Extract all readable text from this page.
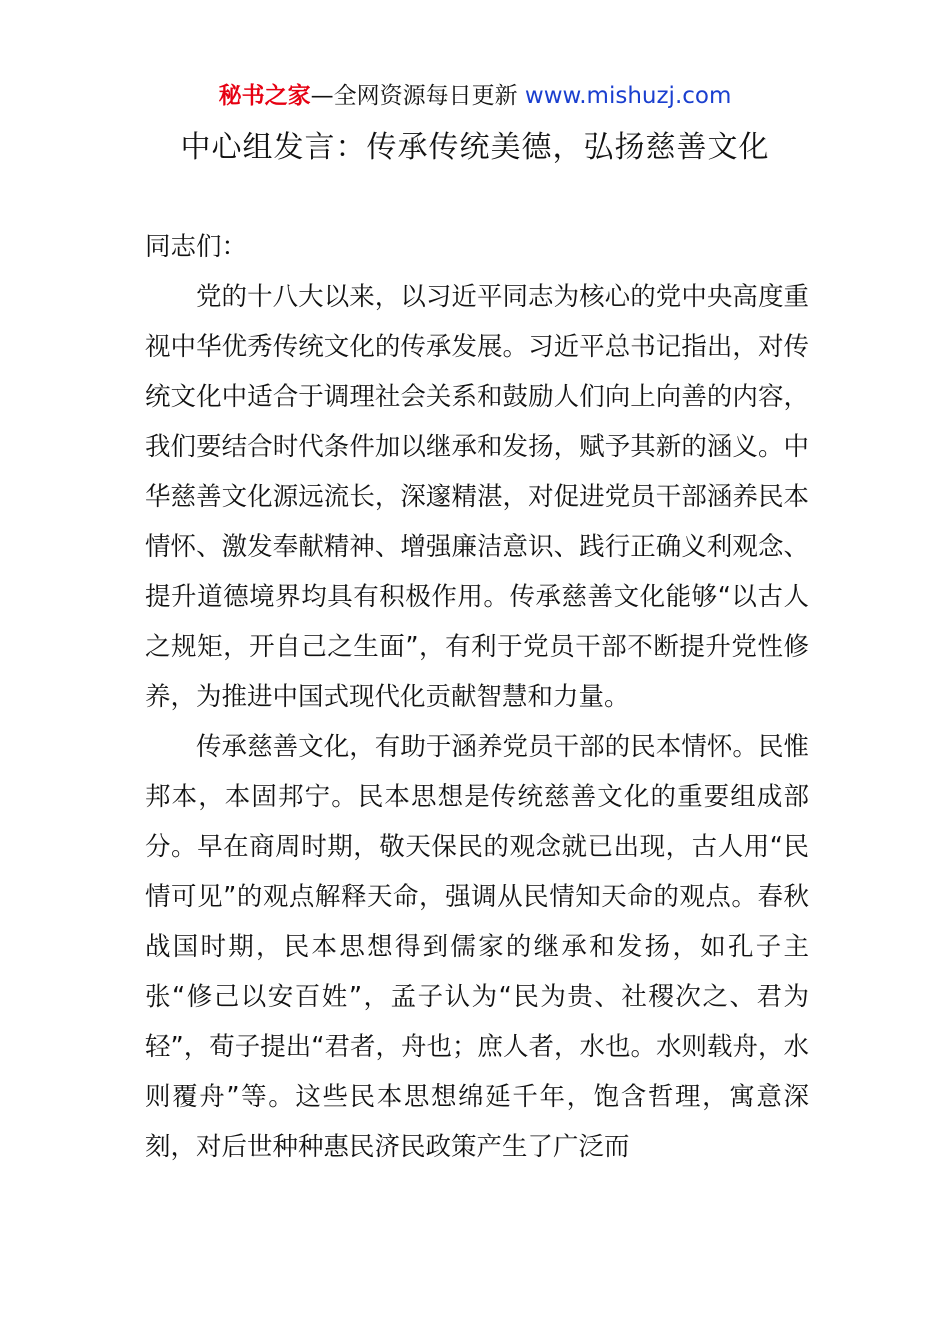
秘书之家—全网资源每日更新 www.mishuzj.com
中心组发言：传承传统美德，弘扬慈善文化

同志们：

党的十八大以来，以习近平同志为核心的党中央高度重视中华优秀传统文化的传承发展。习近平总书记指出，对传统文化中适合于调理社会关系和鼓励人们向上向善的内容，我们要结合时代条件加以继承和发扬，赋予其新的涵义。中华慈善文化源远流长，深邃精湛，对促进党员干部涵养民本情怀、激发奉献精神、增强廉洁意识、践行正确义利观念、提升道德境界均具有积极作用。传承慈善文化能够“以古人之规矩，开自己之生面”，有利于党员干部不断提升党性修养，为推进中国式现代化贡献智慧和力量。

传承慈善文化，有助于涵养党员干部的民本情怀。民惟邦本，本固邦宁。民本思想是传统慈善文化的重要组成部分。早在商周时期，敬天保民的观念就已出现，古人用“民情可见”的观点解释天命，强调从民情知天命的观点。春秋战国时期，民本思想得到儒家的继承和发扬，如孔子主张“修己以安百姓”，孟子认为“民为贵、社稷次之、君为轻”，荀子提出“君者，舟也；庶人者，水也。水则载舟，水则覆舟”等。这些民本思想绵延千年，饱含哲理，寓意深刻，对后世种种惠民济民政策产生了广泛而
